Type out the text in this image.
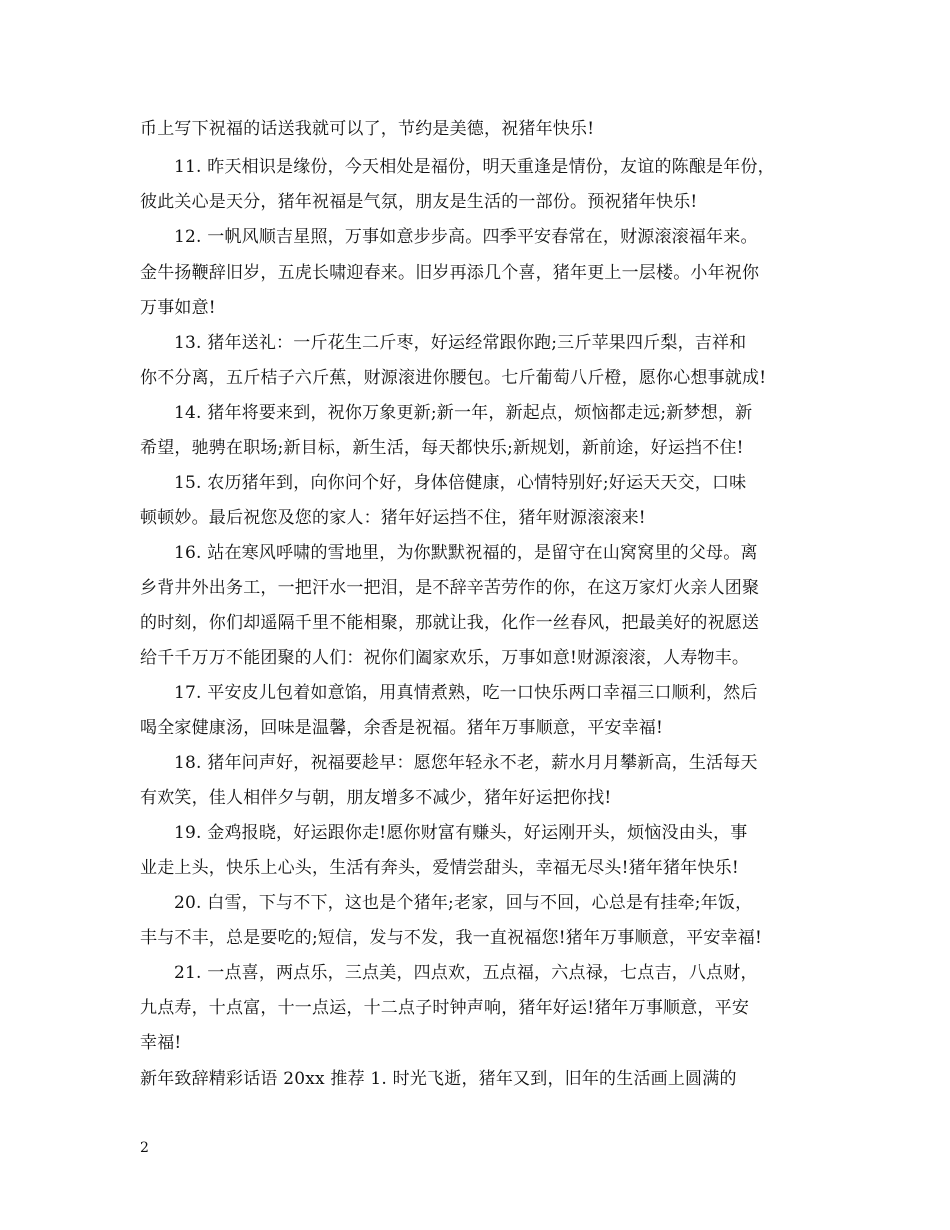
币上写下祝福的话送我就可以了，节约是美德，祝猪年快乐!
11. 昨天相识是缘份，今天相处是福份，明天重逢是情份，友谊的陈酿是年份，
彼此关心是天分，猪年祝福是气氛，朋友是生活的一部份。预祝猪年快乐!
12. 一帆风顺吉星照，万事如意步步高。四季平安春常在，财源滚滚福年来。
金牛扬鞭辞旧岁，五虎长啸迎春来。旧岁再添几个喜，猪年更上一层楼。小年祝你
万事如意!
13. 猪年送礼：一斤花生二斤枣，好运经常跟你跑;三斤苹果四斤梨，吉祥和
你不分离，五斤桔子六斤蕉，财源滚进你腰包。七斤葡萄八斤橙，愿你心想事就成!
14. 猪年将要来到，祝你万象更新;新一年，新起点，烦恼都走远;新梦想，新
希望，驰骋在职场;新目标，新生活，每天都快乐;新规划，新前途，好运挡不住!
15. 农历猪年到，向你问个好，身体倍健康，心情特别好;好运天天交，口味
顿顿妙。最后祝您及您的家人：猪年好运挡不住，猪年财源滚滚来!
16. 站在寒风呼啸的雪地里，为你默默祝福的，是留守在山窝窝里的父母。离
乡背井外出务工，一把汗水一把泪，是不辞辛苦劳作的你，在这万家灯火亲人团聚
的时刻，你们却遥隔千里不能相聚，那就让我，化作一丝春风，把最美好的祝愿送
给千千万万不能团聚的人们：祝你们阖家欢乐，万事如意!财源滚滚，人寿物丰。
17. 平安皮儿包着如意馅，用真情煮熟，吃一口快乐两口幸福三口顺利，然后
喝全家健康汤，回味是温馨，余香是祝福。猪年万事顺意，平安幸福!
18. 猪年问声好，祝福要趁早：愿您年轻永不老，薪水月月攀新高，生活每天
有欢笑，佳人相伴夕与朝，朋友增多不减少，猪年好运把你找!
19. 金鸡报晓，好运跟你走!愿你财富有赚头，好运刚开头，烦恼没由头，事
业走上头，快乐上心头，生活有奔头，爱情尝甜头，幸福无尽头!猪年猪年快乐!
20. 白雪，下与不下，这也是个猪年;老家，回与不回，心总是有挂牵;年饭，
丰与不丰，总是要吃的;短信，发与不发，我一直祝福您!猪年万事顺意，平安幸福!
21. 一点喜，两点乐，三点美，四点欢，五点福，六点禄，七点吉，八点财，
九点寿，十点富，十一点运，十二点子时钟声响，猪年好运!猪年万事顺意，平安
幸福!
新年致辞精彩话语 20xx 推荐 1. 时光飞逝，猪年又到，旧年的生活画上圆满的
2
